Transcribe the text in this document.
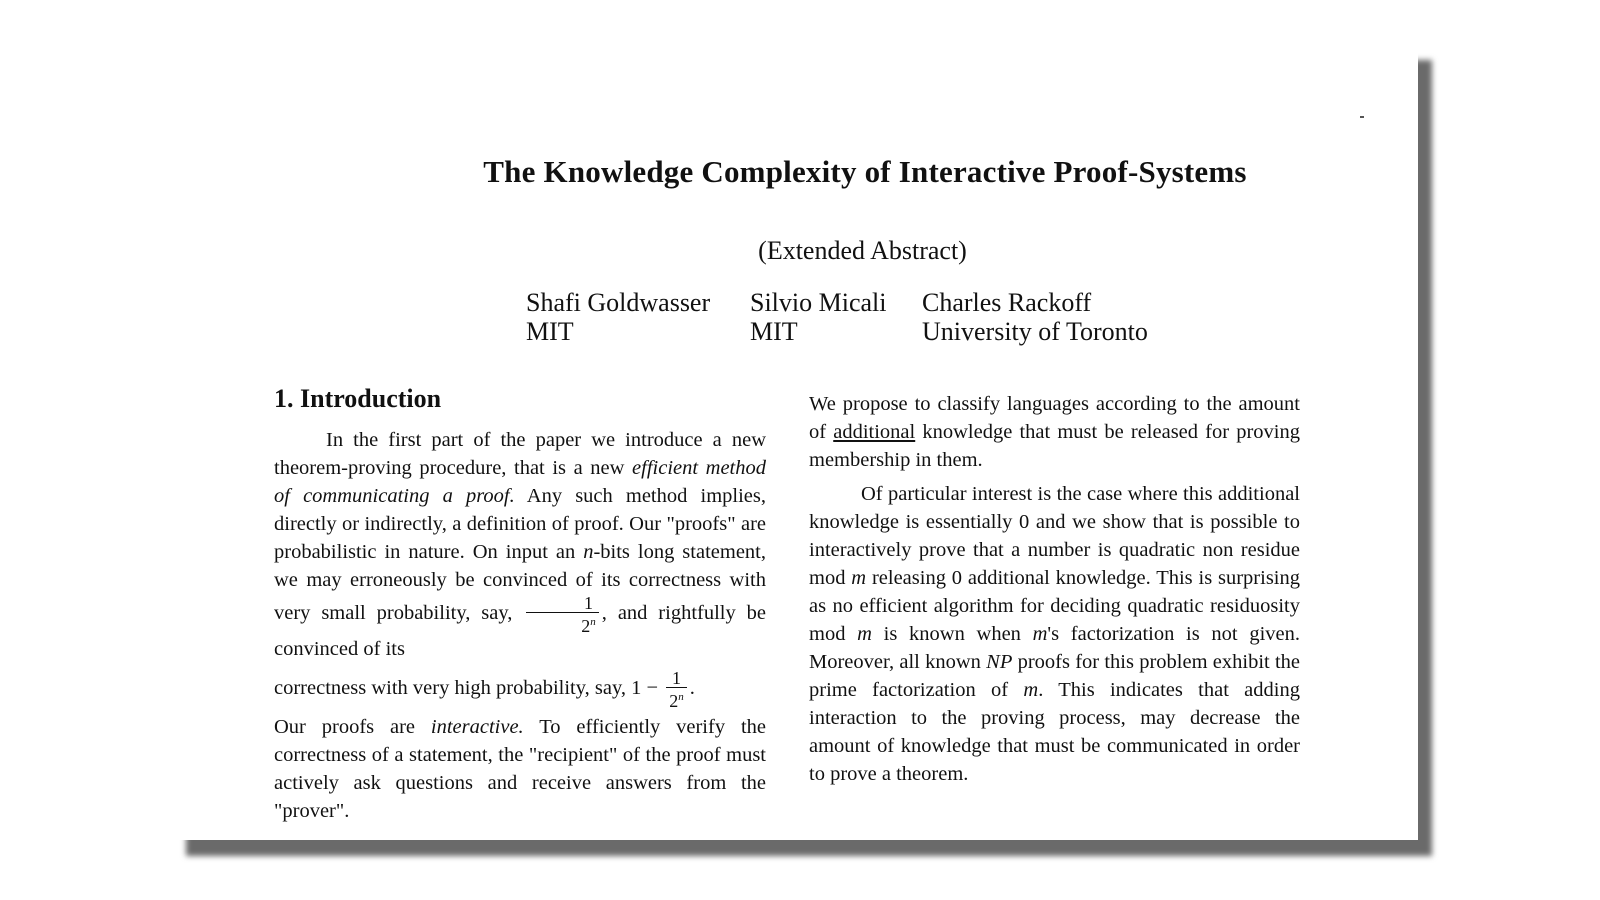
The Knowledge Complexity of Interactive Proof-Systems
(Extended Abstract)
Shafi Goldwasser
MIT
Silvio Micali
MIT
Charles Rackoff
University of Toronto
1. Introduction

In the first part of the paper we introduce a new theorem-proving procedure, that is a new efficient method of communicating a proof. Any such method implies, directly or indirectly, a definition of proof. Our "proofs" are probabilistic in nature. On input an n-bits long statement, we may erroneously be convinced of its correctness with very small probability, say, $\frac{1}{2^n}$ , and rightfully be convinced of its

correctness with very high probability, say, $1 - \frac{1}{2^n}$ .

Our proofs are interactive. To efficiently verify the correctness of a statement, the "recipient" of the proof must actively ask questions and receive answers from the "prover".

We propose to classify languages according to the amount of additional knowledge that must be released for proving membership in them.

Of particular interest is the case where this additional knowledge is essentially 0 and we show that is possible to interactively prove that a number is quadratic non residue mod m releasing 0 additional knowledge. This is surprising as no efficient algorithm for deciding quadratic residuosity mod m is known when m's factorization is not given. Moreover, all known NP proofs for this problem exhibit the prime factorization of m. This indicates that adding interaction to the proving process, may decrease the amount of knowledge that must be communicated in order to prove a theorem.
